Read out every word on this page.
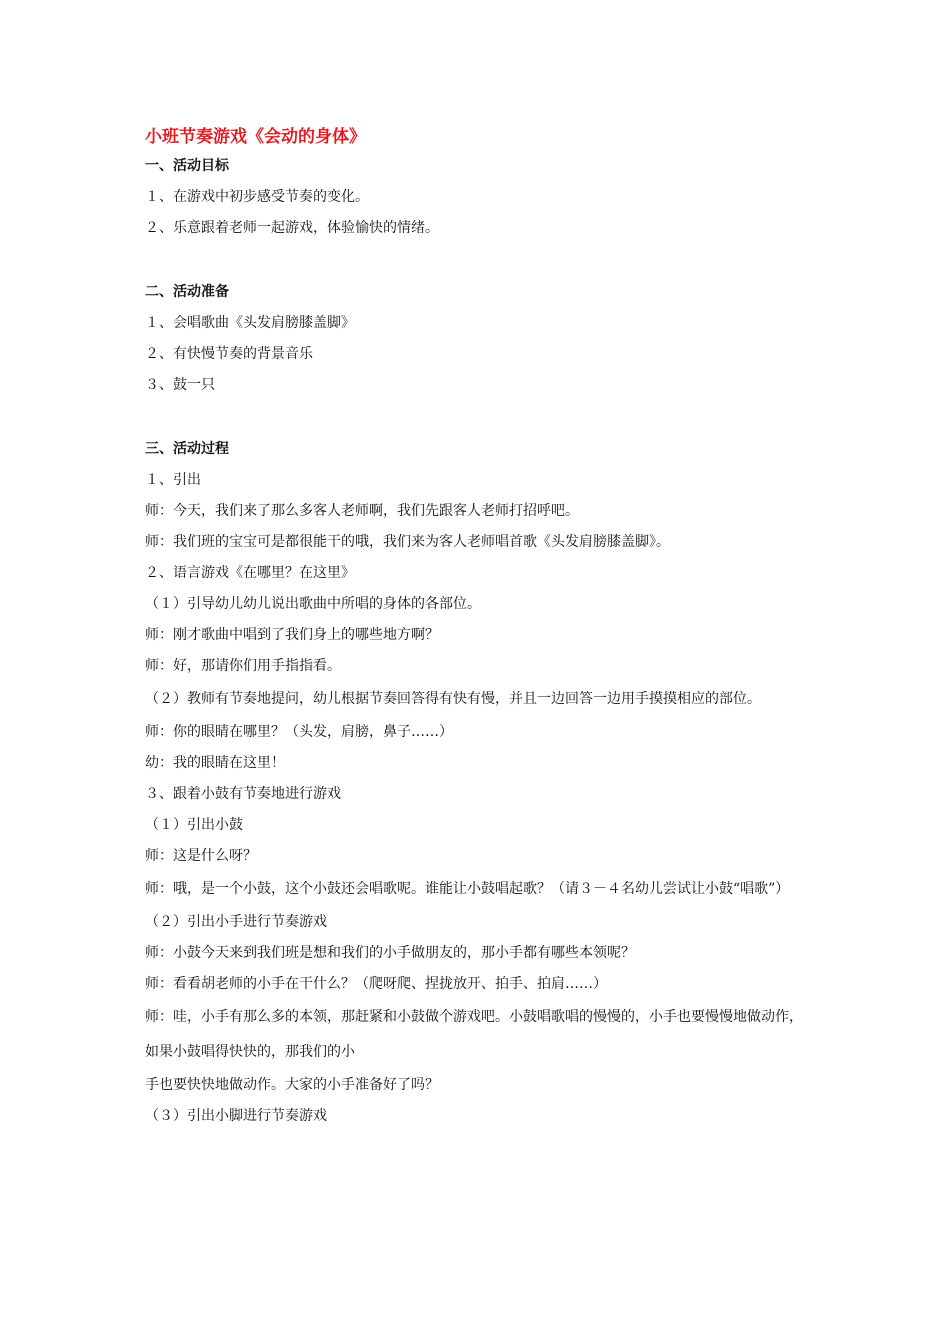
小班节奏游戏《会动的身体》
一、活动目标
１、在游戏中初步感受节奏的变化。
２、乐意跟着老师一起游戏，体验愉快的情绪。
二、活动准备
１、会唱歌曲《头发肩膀膝盖脚》
２、有快慢节奏的背景音乐
３、鼓一只
三、活动过程
１、引出
师：今天，我们来了那么多客人老师啊，我们先跟客人老师打招呼吧。
师：我们班的宝宝可是都很能干的哦，我们来为客人老师唱首歌《头发肩膀膝盖脚》。
２、语言游戏《在哪里？在这里》
（１）引导幼儿幼儿说出歌曲中所唱的身体的各部位。
师：刚才歌曲中唱到了我们身上的哪些地方啊？
师：好，那请你们用手指指看。
（２）教师有节奏地提问，幼儿根据节奏回答得有快有慢，并且一边回答一边用手摸摸相应的部位。
师：你的眼睛在哪里？（头发，肩膀，鼻子……）
幼：我的眼睛在这里！
３、跟着小鼓有节奏地进行游戏
（１）引出小鼓
师：这是什么呀？
师：哦，是一个小鼓，这个小鼓还会唱歌呢。谁能让小鼓唱起歌？（请３－４名幼儿尝试让小鼓“唱歌”）
（２）引出小手进行节奏游戏
师：小鼓今天来到我们班是想和我们的小手做朋友的，那小手都有哪些本领呢？
师：看看胡老师的小手在干什么？（爬呀爬、捏拢放开、拍手、拍肩……）
师：哇，小手有那么多的本领，那赶紧和小鼓做个游戏吧。小鼓唱歌唱的慢慢的，小手也要慢慢地做动作，如果小鼓唱得快快的，那我们的小
手也要快快地做动作。大家的小手准备好了吗？
（３）引出小脚进行节奏游戏
